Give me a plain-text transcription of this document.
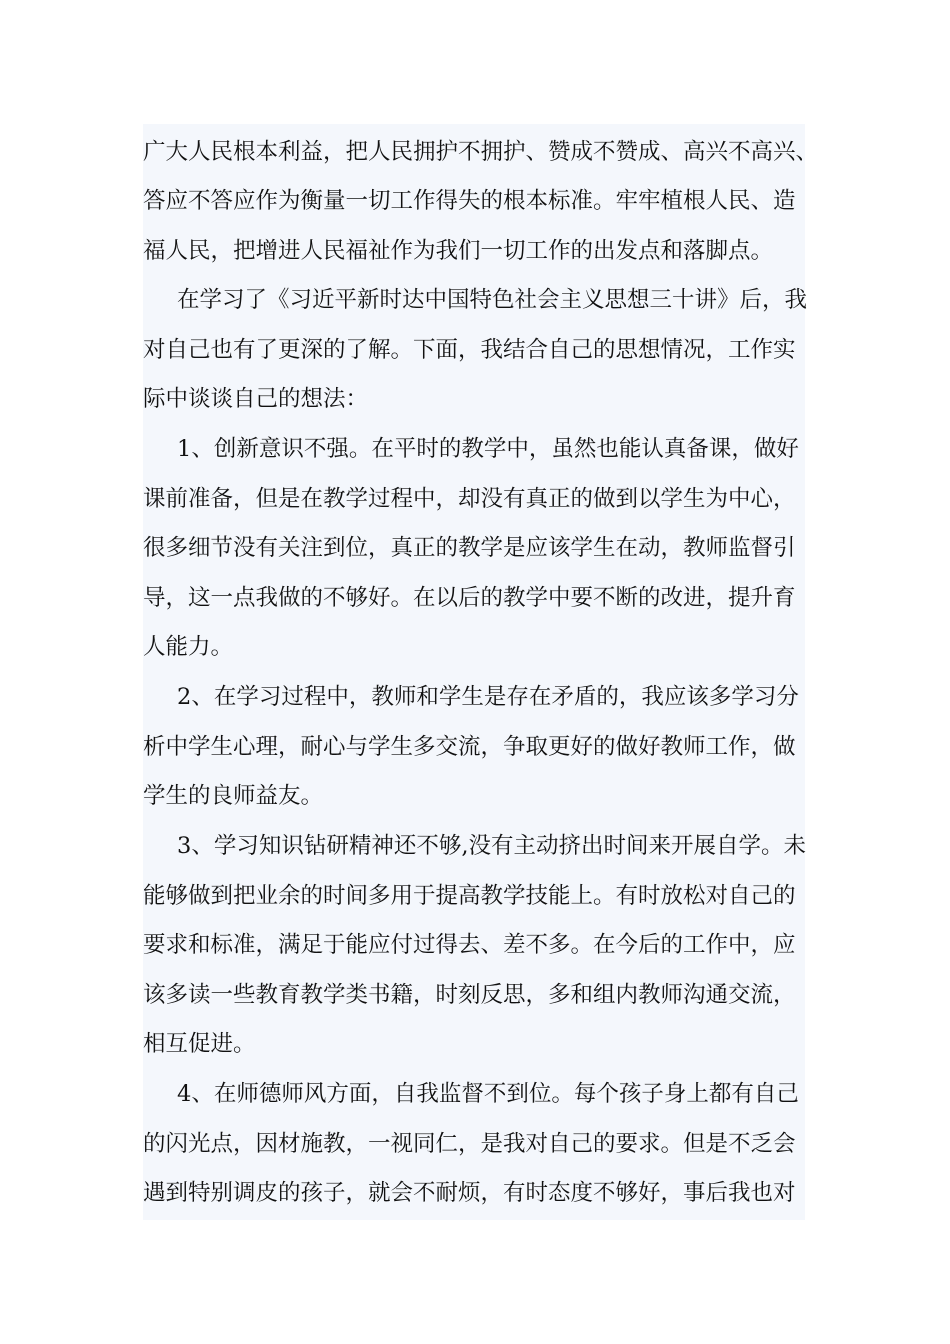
广大人民根本利益，把人民拥护不拥护、赞成不赞成、高兴不高兴、
答应不答应作为衡量一切工作得失的根本标准。牢牢植根人民、造
福人民，把增进人民福祉作为我们一切工作的出发点和落脚点。
在学习了《习近平新时达中国特色社会主义思想三十讲》后，我
对自己也有了更深的了解。下面，我结合自己的思想情况，工作实
际中谈谈自己的想法：
1、创新意识不强。在平时的教学中，虽然也能认真备课，做好
课前准备，但是在教学过程中，却没有真正的做到以学生为中心，
很多细节没有关注到位，真正的教学是应该学生在动，教师监督引
导，这一点我做的不够好。在以后的教学中要不断的改进，提升育
人能力。
2、在学习过程中，教师和学生是存在矛盾的，我应该多学习分
析中学生心理，耐心与学生多交流，争取更好的做好教师工作，做
学生的良师益友。
3、学习知识钻研精神还不够,没有主动挤出时间来开展自学。未
能够做到把业余的时间多用于提高教学技能上。有时放松对自己的
要求和标准，满足于能应付过得去、差不多。在今后的工作中，应
该多读一些教育教学类书籍，时刻反思，多和组内教师沟通交流，
相互促进。
4、在师德师风方面，自我监督不到位。每个孩子身上都有自己
的闪光点，因材施教，一视同仁，是我对自己的要求。但是不乏会
遇到特别调皮的孩子，就会不耐烦，有时态度不够好，事后我也对
